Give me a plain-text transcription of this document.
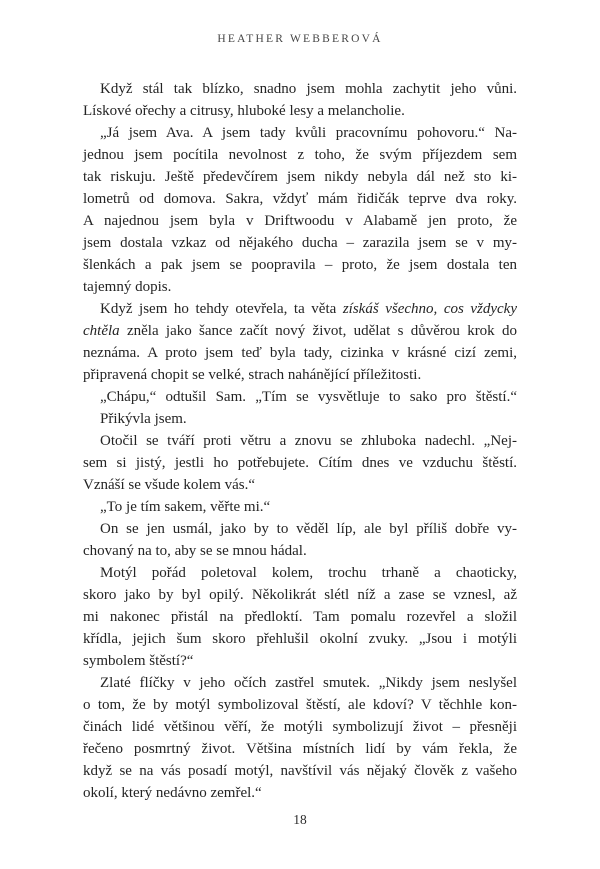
HEATHER WEBBEROVÁ
Když stál tak blízko, snadno jsem mohla zachytit jeho vůni.
Lískové ořechy a citrusy, hluboké lesy a melancholie.
„Já jsem Ava. A jsem tady kvůli pracovnímu pohovoru.“ Na-
jednou jsem pocítila nevolnost z toho, že svým příjezdem sem
tak riskuju. Ještě předevčírem jsem nikdy nebyla dál než sto ki-
lometrů od domova. Sakra, vždyť mám řidičák teprve dva roky.
A najednou jsem byla v Driftwoodu v Alabamě jen proto, že
jsem dostala vzkaz od nějakého ducha – zarazila jsem se v my-
šlenkách a pak jsem se poopravila – proto, že jsem dostala ten
tajemný dopis.
Když jsem ho tehdy otevřela, ta věta získáš všechno, cos vždycky
chtěla zněla jako šance začít nový život, udělat s důvěrou krok do
neznáma. A proto jsem teď byla tady, cizinka v krásné cizí zemi,
připravená chopit se velké, strach nahánějící příležitosti.
„Chápu,“ odtušil Sam. „Tím se vysvětluje to sako pro štěstí.“
Přikývla jsem.
Otočil se tváří proti větru a znovu se zhluboka nadechl. „Nej-
sem si jistý, jestli ho potřebujete. Cítím dnes ve vzduchu štěstí.
Vznáší se všude kolem vás.“
„To je tím sakem, věřte mi.“
On se jen usmál, jako by to věděl líp, ale byl příliš dobře vy-
chovaný na to, aby se se mnou hádal.
Motýl pořád poletoval kolem, trochu trhaně a chaoticky,
skoro jako by byl opilý. Několikrát slétl níž a zase se vznesl, až
mi nakonec přistál na předloktí. Tam pomalu rozevřel a složil
křídla, jejich šum skoro přehlušil okolní zvuky. „Jsou i motýli
symbolem štěstí?“
Zlaté flíčky v jeho očích zastřel smutek. „Nikdy jsem neslyšel
o tom, že by motýl symbolizoval štěstí, ale kdoví? V těchhle kon-
činách lidé většinou věří, že motýli symbolizují život – přesněji
řečeno posmrtný život. Většina místních lidí by vám řekla, že
když se na vás posadí motýl, navštívil vás nějaký člověk z vašeho
okolí, který nedávno zemřel.“
18
